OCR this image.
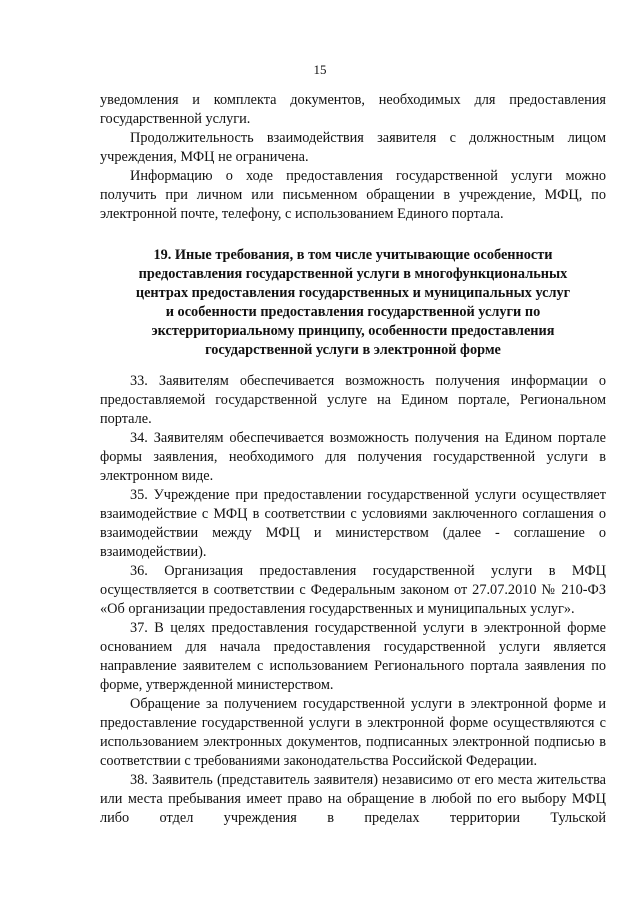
15

уведомления и комплекта документов, необходимых для предоставления государственной услуги.

Продолжительность взаимодействия заявителя с должностным лицом учреждения, МФЦ не ограничена.

Информацию о ходе предоставления государственной услуги можно получить при личном или письменном обращении в учреждение, МФЦ, по электронной почте, телефону, с использованием Единого портала.

19. Иные требования, в том числе учитывающие особенности
предоставления государственной услуги в многофункциональных
центрах предоставления государственных и муниципальных услуг
и особенности предоставления государственной услуги по
экстерриториальному принципу, особенности предоставления
государственной услуги в электронной форме

33. Заявителям обеспечивается возможность получения информации о предоставляемой государственной услуге на Едином портале, Региональном портале.

34. Заявителям обеспечивается возможность получения на Едином портале формы заявления, необходимого для получения государственной услуги в электронном виде.

35. Учреждение при предоставлении государственной услуги осуществляет взаимодействие с МФЦ в соответствии с условиями заключенного соглашения о взаимодействии между МФЦ и министерством (далее - соглашение о взаимодействии).

36. Организация предоставления государственной услуги в МФЦ осуществляется в соответствии с Федеральным законом от 27.07.2010 № 210-ФЗ «Об организации предоставления государственных и муниципальных услуг».

37. В целях предоставления государственной услуги в электронной форме основанием для начала предоставления государственной услуги является направление заявителем с использованием Регионального портала заявления по форме, утвержденной министерством.

Обращение за получением государственной услуги в электронной форме и предоставление государственной услуги в электронной форме осуществляются с использованием электронных документов, подписанных электронной подписью в соответствии с требованиями законодательства Российской Федерации.

38. Заявитель (представитель заявителя) независимо от его места жительства или места пребывания имеет право на обращение в любой по его выбору МФЦ либо отдел учреждения в пределах территории Тульской
